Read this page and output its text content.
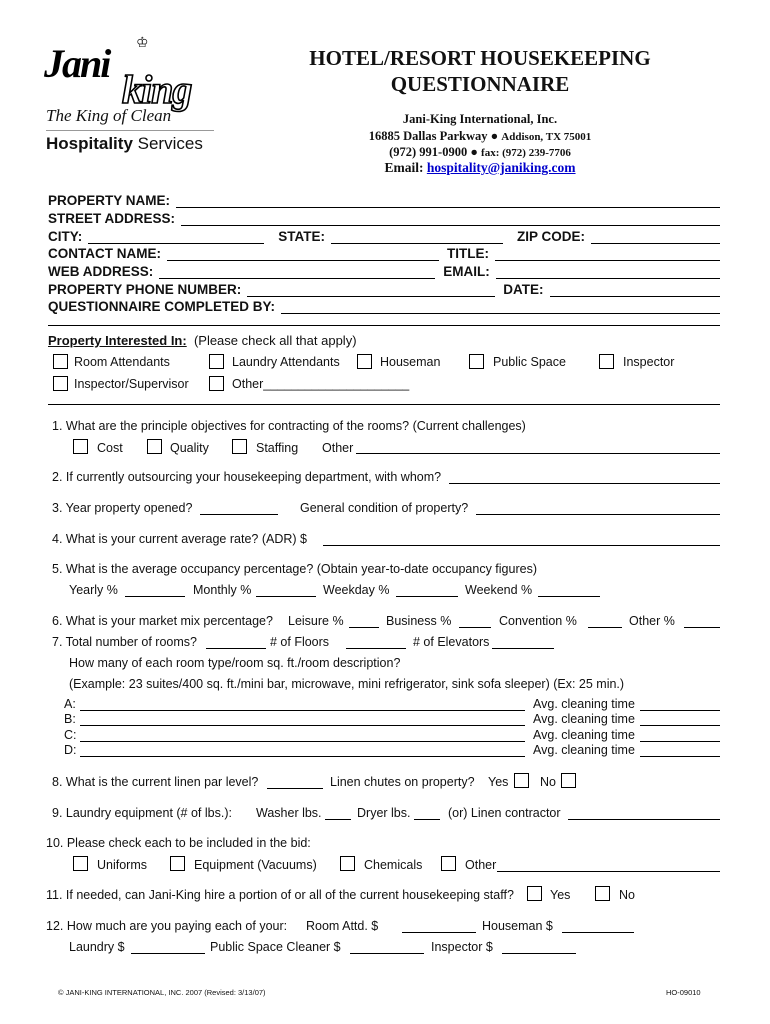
♔
Jani
king
The King of Clean
Hospitality Services
HOTEL/RESORT HOUSEKEEPING
QUESTIONNAIRE
Jani-King International, Inc.
16885 Dallas Parkway ● Addison, TX 75001
(972) 991-0900 ● fax: (972) 239-7706
Email: hospitality@janiking.com
PROPERTY NAME:
STREET ADDRESS:
CITY:	STATE:	ZIP CODE:
CONTACT NAME:	TITLE:
WEB ADDRESS:	EMAIL:
PROPERTY PHONE NUMBER:	DATE:
QUESTIONNAIRE COMPLETED BY:
Property Interested In: (Please check all that apply)
Room Attendants	Laundry Attendants	Houseman	Public Space	Inspector
Inspector/Supervisor	Other_____________________
1. What are the principle objectives for contracting of the rooms? (Current challenges)
Cost	Quality	Staffing Other
2. If currently outsourcing your housekeeping department, with whom?
3. Year property opened?	General condition of property?
4. What is your current average rate? (ADR) $
5. What is the average occupancy percentage? (Obtain year-to-date occupancy figures)
Yearly %	Monthly %	Weekday %	Weekend %
6. What is your market mix percentage? Leisure %	Business %	Convention %	Other %
7. Total number of rooms?	# of Floors	# of Elevators
How many of each room type/room sq. ft./room description?
(Example: 23 suites/400 sq. ft./mini bar, microwave, mini refrigerator, sink sofa sleeper) (Ex: 25 min.)
A:	Avg. cleaning time
B:	Avg. cleaning time
C:	Avg. cleaning time
D:	Avg. cleaning time
8. What is the current linen par level?	Linen chutes on property? Yes	No
9. Laundry equipment (# of lbs.): Washer lbs.	Dryer lbs.	(or) Linen contractor
10. Please check each to be included in the bid:
Uniforms	Equipment (Vacuums)	Chemicals	Other
11. If needed, can Jani-King hire a portion of or all of the current housekeeping staff?	Yes	No
12. How much are you paying each of your: Room Attd. $	Houseman $
Laundry $	Public Space Cleaner $	Inspector $
© JANI-KING INTERNATIONAL, INC. 2007 (Revised: 3/13/07)	HO-09010
